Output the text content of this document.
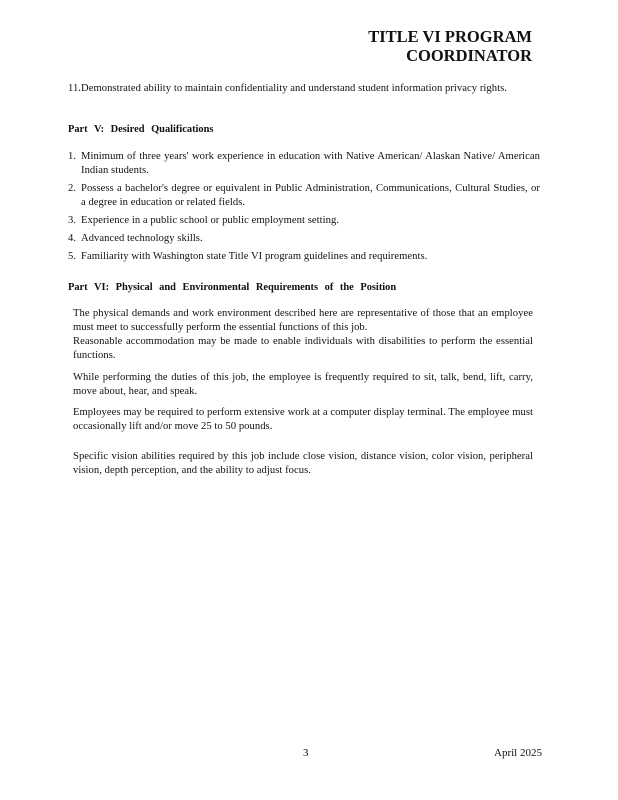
TITLE VI PROGRAM
COORDINATOR
11. Demonstrated ability to maintain confidentiality and understand student information privacy rights.
Part V: Desired Qualifications
1. Minimum of three years' work experience in education with Native American/ Alaskan Native/ American Indian students.
2. Possess a bachelor's degree or equivalent in Public Administration, Communications, Cultural Studies, or a degree in education or related fields.
3. Experience in a public school or public employment setting.
4. Advanced technology skills.
5. Familiarity with Washington state Title VI program guidelines and requirements.
Part VI: Physical and Environmental Requirements of the Position
The physical demands and work environment described here are representative of those that an employee must meet to successfully perform the essential functions of this job.
Reasonable accommodation may be made to enable individuals with disabilities to perform the essential functions.
While performing the duties of this job, the employee is frequently required to sit, talk, bend, lift, carry, move about, hear, and speak.
Employees may be required to perform extensive work at a computer display terminal. The employee must occasionally lift and/or move 25 to 50 pounds.
Specific vision abilities required by this job include close vision, distance vision, color vision, peripheral vision, depth perception, and the ability to adjust focus.
3	April 2025
